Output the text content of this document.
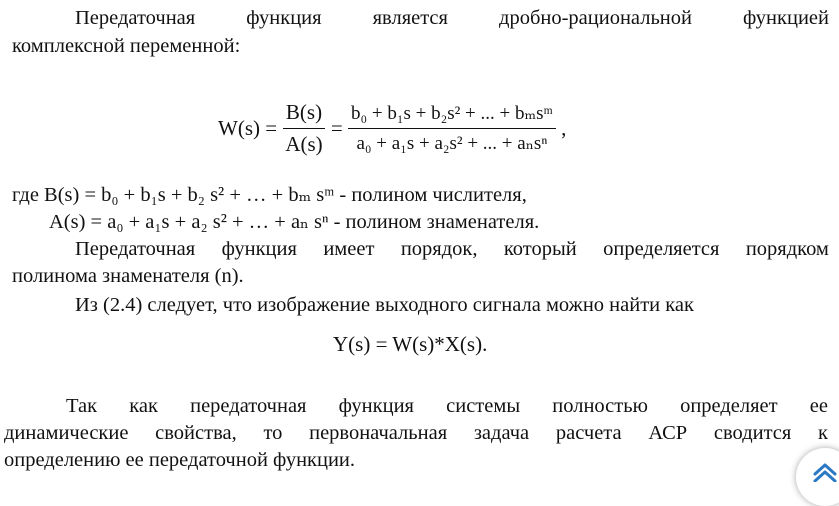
Передаточная функция является дробно-рациональной функцией
комплексной переменной:
$W(s) = \frac{B(s)}{A(s)} = \frac{\text{b₀ + b₁s + b₂s² + ... + bₘsᵐ}}{\text{a₀ + a₁s + a₂s² + ... + aₙsⁿ}}$ ,
где B(s) = b₀ + b₁s + b₂ s² + … + bₘ sᵐ - полином числителя,
A(s) = a₀ + a₁s + a₂ s² + … + aₙ sⁿ - полином знаменателя.
Передаточная функция имеет порядок, который определяется порядком
полинома знаменателя (n).
Из (2.4) следует, что изображение выходного сигнала можно найти как
Y(s) = W(s)*X(s).
Так как передаточная функция системы полностью определяет ее
динамические свойства, то первоначальная задача расчета АСР сводится к
определению ее передаточной функции.
